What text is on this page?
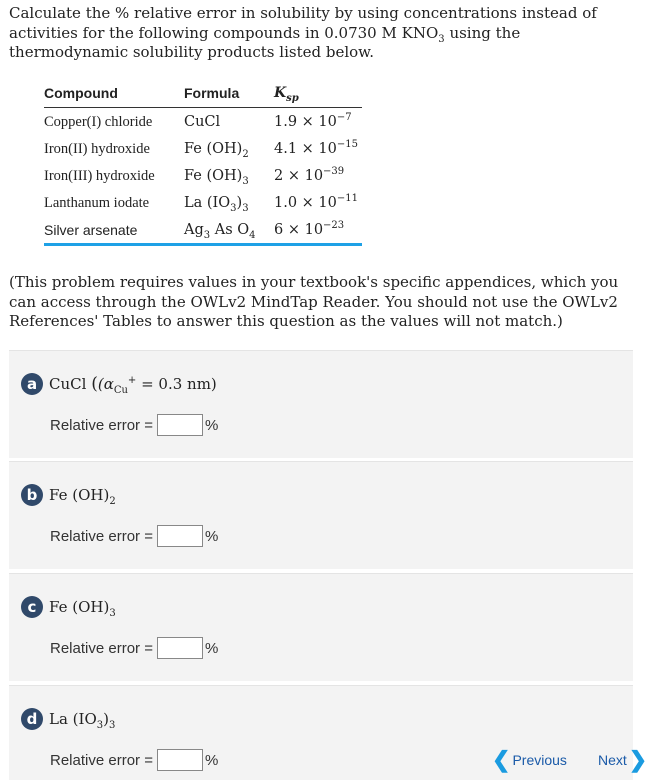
Calculate the % relative error in solubility by using concentrations instead of activities for the following compounds in 0.0730 M $KNO_3$ using the thermodynamic solubility products listed below.
Compound	Formula	$K_{sp}$
Copper(I) chloride	CuCl	$1.9 \times 10^{-7}$
Iron(II) hydroxide	Fe $(OH)_2$	$4.1 \times 10^{-15}$
Iron(III) hydroxide	Fe $(OH)_3$	$2 \times 10^{-39}$
Lanthanum iodate	La $(IO_3)_3$	$1.0 \times 10^{-11}$
Silver arsenate	$Ag_3$ As $O_4$	$6 \times 10^{-23}$
(This problem requires values in your textbook's specific appendices, which you can access through the OWLv2 MindTap Reader. You should not use the OWLv2 References' Tables to answer this question as the values will not match.)
a CuCl (($\alpha_{Cu}^+ = 0.3$ nm)
Relative error =	%
b Fe $(OH)_2$
Relative error =	%
c Fe $(OH)_3$
Relative error =	%
d La $(IO_3)_3$
Relative error =	%	❮ Previous Next ❯
